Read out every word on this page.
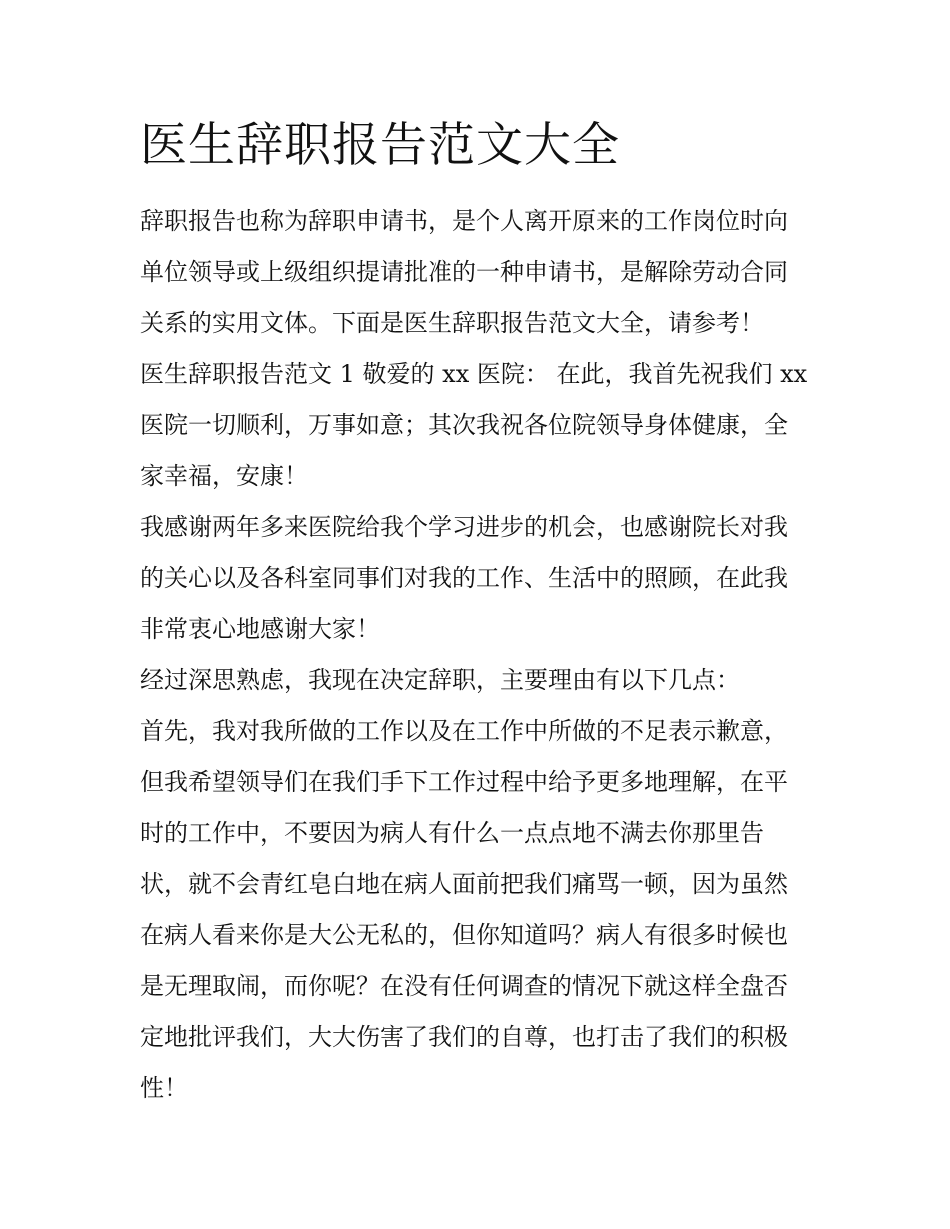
医生辞职报告范文大全
辞职报告也称为辞职申请书，是个人离开原来的工作岗位时向
单位领导或上级组织提请批准的一种申请书，是解除劳动合同
关系的实用文体。下面是医生辞职报告范文大全，请参考！
医生辞职报告范文 1 敬爱的 xx 医院： 在此，我首先祝我们 xx
医院一切顺利，万事如意；其次我祝各位院领导身体健康，全
家幸福，安康！
我感谢两年多来医院给我个学习进步的机会，也感谢院长对我
的关心以及各科室同事们对我的工作、生活中的照顾，在此我
非常衷心地感谢大家！
经过深思熟虑，我现在决定辞职，主要理由有以下几点：
首先，我对我所做的工作以及在工作中所做的不足表示歉意，
但我希望领导们在我们手下工作过程中给予更多地理解，在平
时的工作中，不要因为病人有什么一点点地不满去你那里告
状，就不会青红皂白地在病人面前把我们痛骂一顿，因为虽然
在病人看来你是大公无私的，但你知道吗？病人有很多时候也
是无理取闹，而你呢？在没有任何调查的情况下就这样全盘否
定地批评我们，大大伤害了我们的自尊，也打击了我们的积极
性！
